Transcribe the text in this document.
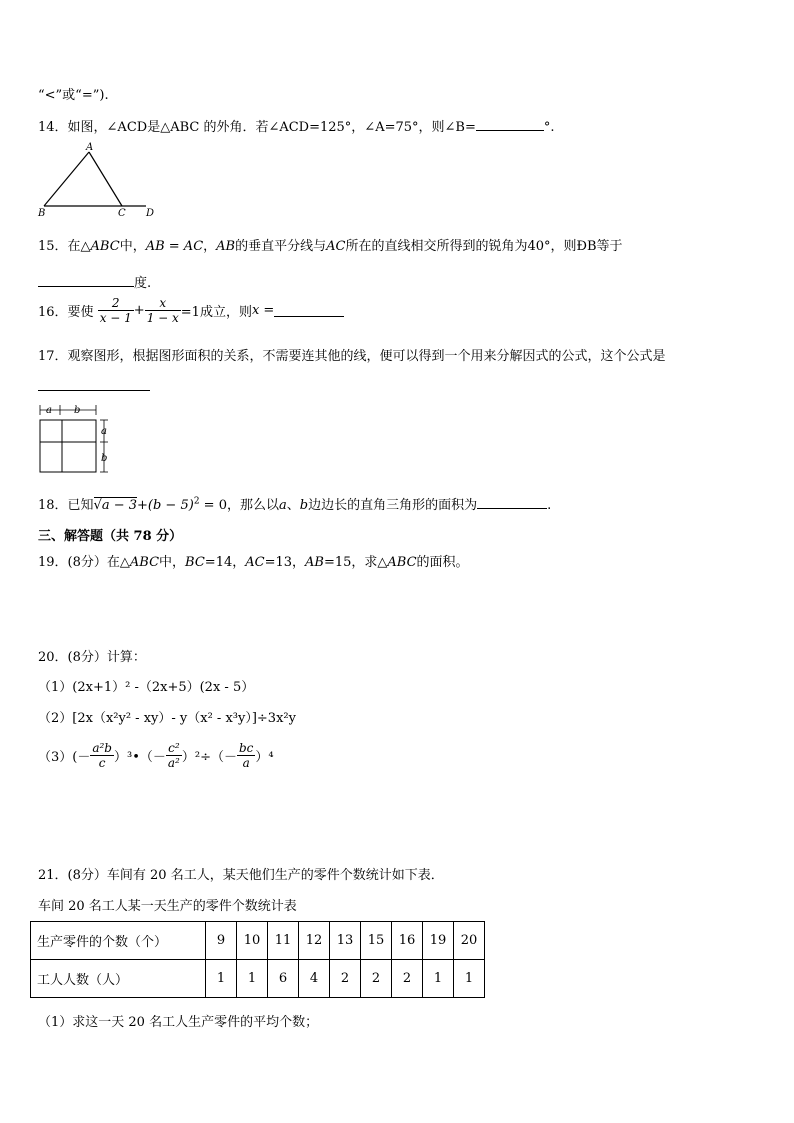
“<”或“=”).
14．如图，∠ACD是△ABC 的外角．若∠ACD=125°，∠A=75°，则∠B=	°.
A
B	C D
15．在△ABC中，AB = AC，AB的垂直平分线与AC所在的直线相交所得到的锐角为40°，则ÐB等于
度.
16．要使 $\frac{2}{x - 1} + \frac{x}{1 - x} =1$成立，则x =
17．观察图形，根据图形面积的关系，不需要连其他的线，便可以得到一个用来分解因式的公式，这个公式是
a b
a
b
18．已知$√a - 3+(b - 5)^2 = 0$，那么以a、b边边长的直角三角形的面积为	.
三、解答题（共 78 分）
19．(8分）在△ABC中，BC=14，AC=13，AB=15，求△ABC的面积。
20．(8分）计算：
（1）(2x+1）² -（2x+5）(2x - 5）
（2）[2x（x²y² - xy）- y（x² - x³y）]÷3x²y
$(3)(- \frac{\text{a²b}}{c}$ ）³•（－ $\frac{\text{c²}}{\text{a²}} )^2\div(- \frac{bc}{a} )^4$
21．(8分）车间有 20 名工人，某天他们生产的零件个数统计如下表．
车间 20 名工人某一天生产的零件个数统计表
生产零件的个数（个）	9	10	11	12	13	15	16	19	20
工人人数（人）	1	1	6	4	2	2	2	1	1
（1）求这一天 20 名工人生产零件的平均个数；
